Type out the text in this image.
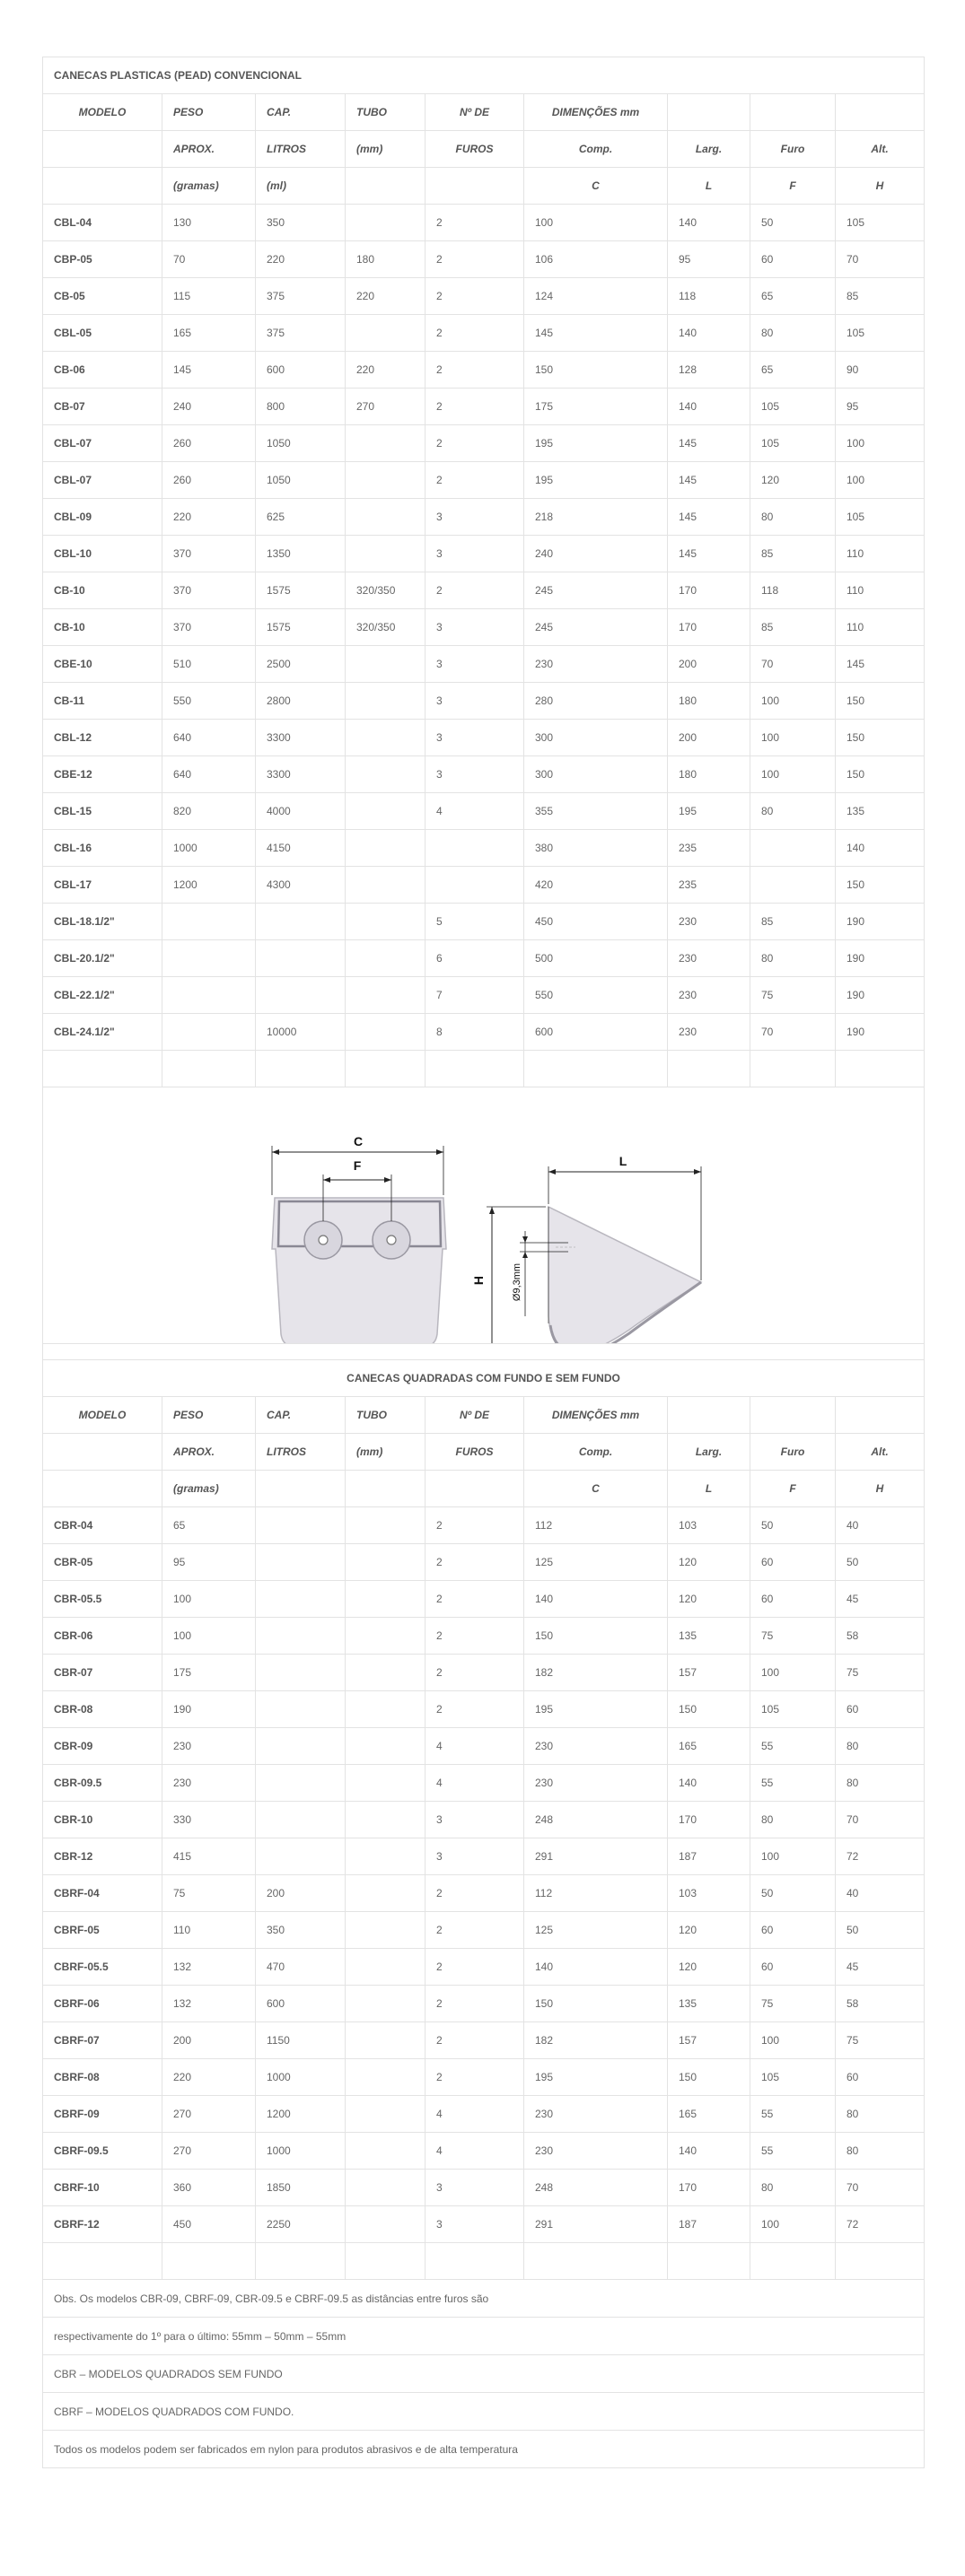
CANECAS PLASTICAS (PEAD) CONVENCIONAL								
MODELO	PESO	CAP.	TUBO	Nº DE	DIMENÇÕES mm			
	APROX.	LITROS	(mm)	FUROS	Comp.	Larg.	Furo	Alt.
	(gramas)	(ml)			C	L	F	H
CBL-04	130	350		2	100	140	50	105
CBP-05	70	220	180	2	106	95	60	70
CB-05	115	375	220	2	124	118	65	85
CBL-05	165	375		2	145	140	80	105
CB-06	145	600	220	2	150	128	65	90
CB-07	240	800	270	2	175	140	105	95
CBL-07	260	1050		2	195	145	105	100
CBL-07	260	1050		2	195	145	120	100
CBL-09	220	625		3	218	145	80	105
CBL-10	370	1350		3	240	145	85	110
CB-10	370	1575	320/350	2	245	170	118	110
CB-10	370	1575	320/350	3	245	170	85	110
CBE-10	510	2500		3	230	200	70	145
CB-11	550	2800		3	280	180	100	150
CBL-12	640	3300		3	300	200	100	150
CBE-12	640	3300		3	300	180	100	150
CBL-15	820	4000		4	355	195	80	135
CBL-16	1000	4150			380	235		140
CBL-17	1200	4300			420	235		150
CBL-18.1/2"				5	450	230	85	190
CBL-20.1/2"				6	500	230	80	190
CBL-22.1/2"				7	550	230	75	190
CBL-24.1/2"		10000		8	600	230	70	190

C
F L
H Ø9,3mm								

CANECAS QUADRADAS COM FUNDO E SEM FUNDO								
MODELO	PESO	CAP.	TUBO	Nº DE	DIMENÇÕES mm			
	APROX.	LITROS	(mm)	FUROS	Comp.	Larg.	Furo	Alt.
	(gramas)				C	L	F	H
CBR-04	65			2	112	103	50	40
CBR-05	95			2	125	120	60	50
CBR-05.5	100			2	140	120	60	45
CBR-06	100			2	150	135	75	58
CBR-07	175			2	182	157	100	75
CBR-08	190			2	195	150	105	60
CBR-09	230			4	230	165	55	80
CBR-09.5	230			4	230	140	55	80
CBR-10	330			3	248	170	80	70
CBR-12	415			3	291	187	100	72
CBRF-04	75	200		2	112	103	50	40
CBRF-05	110	350		2	125	120	60	50
CBRF-05.5	132	470		2	140	120	60	45
CBRF-06	132	600		2	150	135	75	58
CBRF-07	200	1150		2	182	157	100	75
CBRF-08	220	1000		2	195	150	105	60
CBRF-09	270	1200		4	230	165	55	80
CBRF-09.5	270	1000		4	230	140	55	80
CBRF-10	360	1850		3	248	170	80	70
CBRF-12	450	2250		3	291	187	100	72

Obs. Os modelos CBR-09, CBRF-09, CBR-09.5 e CBRF-09.5 as distâncias entre furos são								
respectivamente do 1º para o último: 55mm – 50mm – 55mm								
CBR – MODELOS QUADRADOS SEM FUNDO								
CBRF – MODELOS QUADRADOS COM FUNDO.								
Todos os modelos podem ser fabricados em nylon para produtos abrasivos e de alta temperatura								
